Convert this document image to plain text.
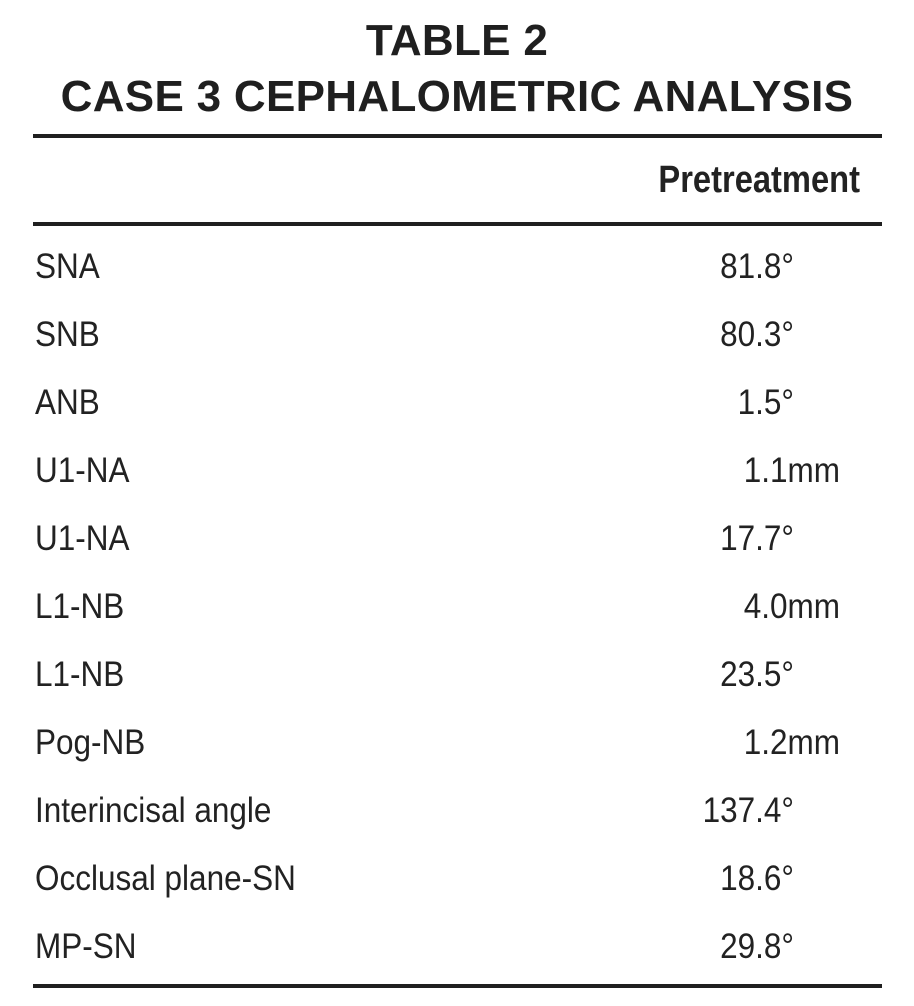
TABLE 2
CASE 3 CEPHALOMETRIC ANALYSIS
Pretreatment
SNA	81.8°
SNB	80.3°
ANB	1.5°
U1-NA	1.1mm
U1-NA	17.7°
L1-NB	4.0mm
L1-NB	23.5°
Pog-NB	1.2mm
Interincisal angle	137.4°
Occlusal plane-SN	18.6°
MP-SN	29.8°
